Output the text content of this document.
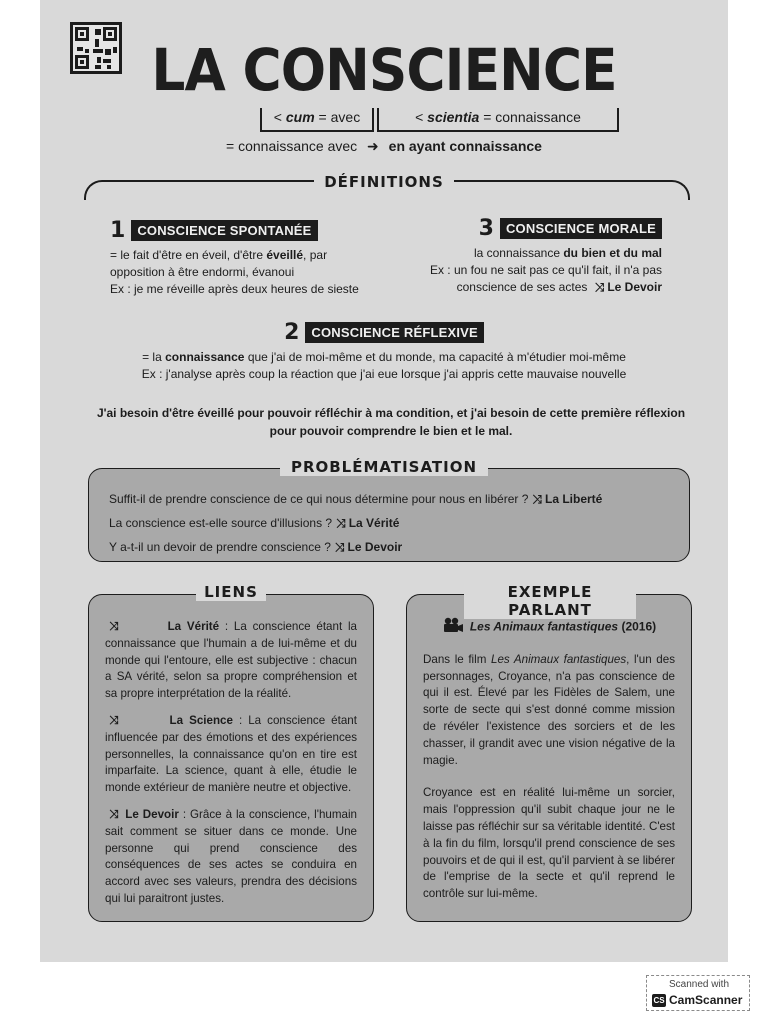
LA CONSCIENCE
< cum = avec	< scientia = connaissance
= connaissance avec ➜ en ayant connaissance
DÉFINITIONS
1 CONSCIENCE SPONTANÉE
= le fait d'être en éveil, d'être éveillé, par
opposition à être endormi, évanoui
Ex : je me réveille après deux heures de sieste
3 CONSCIENCE MORALE
la connaissance du bien et du mal
Ex : un fou ne sait pas ce qu'il fait, il n'a pas
conscience de ses actes ⤨ Le Devoir
2 CONSCIENCE RÉFLEXIVE
= la connaissance que j'ai de moi-même et du monde, ma capacité à m'étudier moi-même
Ex : j'analyse après coup la réaction que j'ai eue lorsque j'ai appris cette mauvaise nouvelle
J'ai besoin d'être éveillé pour pouvoir réfléchir à ma condition, et j'ai besoin de cette première réflexion pour pouvoir comprendre le bien et le mal.
Suffit-il de prendre conscience de ce qui nous détermine pour nous en libérer ? ⤨ La Liberté
La conscience est-elle source d'illusions ? ⤨ La Vérité
Y a-t-il un devoir de prendre conscience ? ⤨ Le Devoir
PROBLÉMATISATION
⤨	La Vérité : La conscience étant la connaissance que l'humain a de lui-même et du monde qui l'entoure, elle est subjective : chacun a SA vérité, selon sa propre compréhension et sa propre interprétation de la réalité.
⤨	La Science : La conscience étant influencée par des émotions et des expériences personnelles, la connaissance qu'on en tire est imparfaite. La science, quant à elle, étudie le monde extérieur de manière neutre et objective.
⤨ Le Devoir : Grâce à la conscience, l'humain sait comment se situer dans ce monde. Une personne qui prend conscience des conséquences de ses actes se conduira en accord avec ses valeurs, prendra des décisions qui lui paraitront justes.
LIENS
Les Animaux fantastiques (2016)
Dans le film Les Animaux fantastiques, l'un des personnages, Croyance, n'a pas conscience de qui il est. Élevé par les Fidèles de Salem, une sorte de secte qui s'est donné comme mission de révéler l'existence des sorciers et de les chasser, il grandit avec une vision négative de la magie.
Croyance est en réalité lui-même un sorcier, mais l'oppression qu'il subit chaque jour ne le laisse pas réfléchir sur sa véritable identité. C'est à la fin du film, lorsqu'il prend conscience de ses pouvoirs et de qui il est, qu'il parvient à se libérer de l'emprise de la secte et qu'il reprend le contrôle sur lui-même.
EXEMPLE PARLANT
Scanned with
CS CamScanner
